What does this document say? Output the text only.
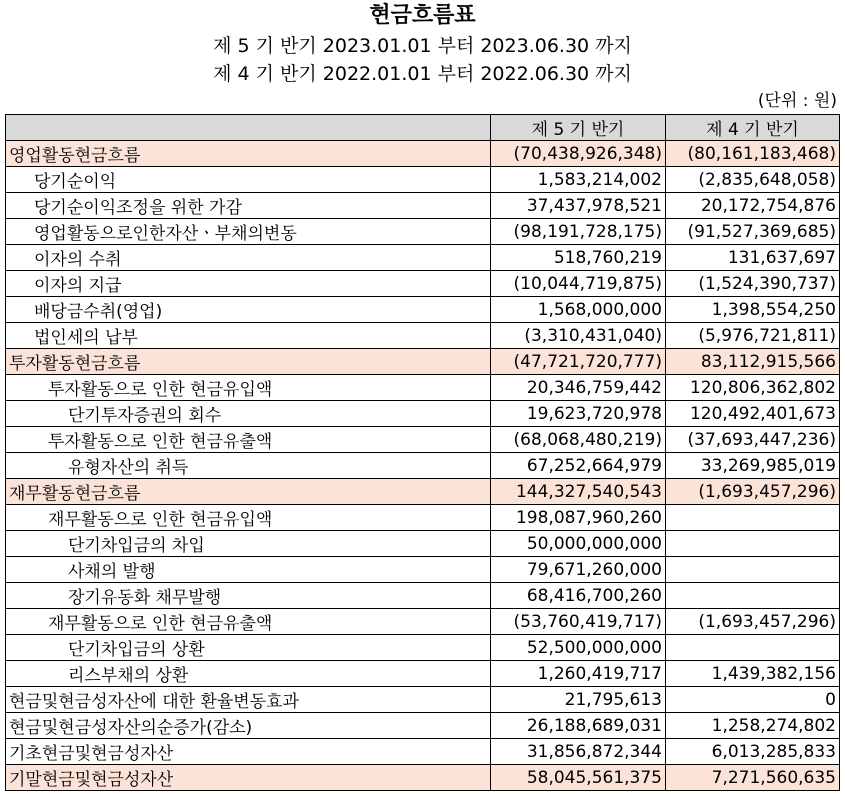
현금흐름표
제 5 기 반기 2023.01.01 부터 2023.06.30 까지
제 4 기 반기 2022.01.01 부터 2022.06.30 까지
(단위 : 원)
	제 5 기 반기	제 4 기 반기
영업활동현금흐름	(70,438,926,348)	(80,161,183,468)
당기순이익	1,583,214,002	(2,835,648,058)
당기순이익조정을 위한 가감	37,437,978,521	20,172,754,876
영업활동으로인한자산ㆍ부채의변동	(98,191,728,175)	(91,527,369,685)
이자의 수취	518,760,219	131,637,697
이자의 지급	(10,044,719,875)	(1,524,390,737)
배당금수취(영업)	1,568,000,000	1,398,554,250
법인세의 납부	(3,310,431,040)	(5,976,721,811)
투자활동현금흐름	(47,721,720,777)	83,112,915,566
투자활동으로 인한 현금유입액	20,346,759,442	120,806,362,802
단기투자증권의 회수	19,623,720,978	120,492,401,673
투자활동으로 인한 현금유출액	(68,068,480,219)	(37,693,447,236)
유형자산의 취득	67,252,664,979	33,269,985,019
재무활동현금흐름	144,327,540,543	(1,693,457,296)
재무활동으로 인한 현금유입액	198,087,960,260	
단기차입금의 차입	50,000,000,000	
사채의 발행	79,671,260,000	
장기유동화 채무발행	68,416,700,260	
재무활동으로 인한 현금유출액	(53,760,419,717)	(1,693,457,296)
단기차입금의 상환	52,500,000,000	
리스부채의 상환	1,260,419,717	1,439,382,156
현금및현금성자산에 대한 환율변동효과	21,795,613	0
현금및현금성자산의순증가(감소)	26,188,689,031	1,258,274,802
기초현금및현금성자산	31,856,872,344	6,013,285,833
기말현금및현금성자산	58,045,561,375	7,271,560,635
